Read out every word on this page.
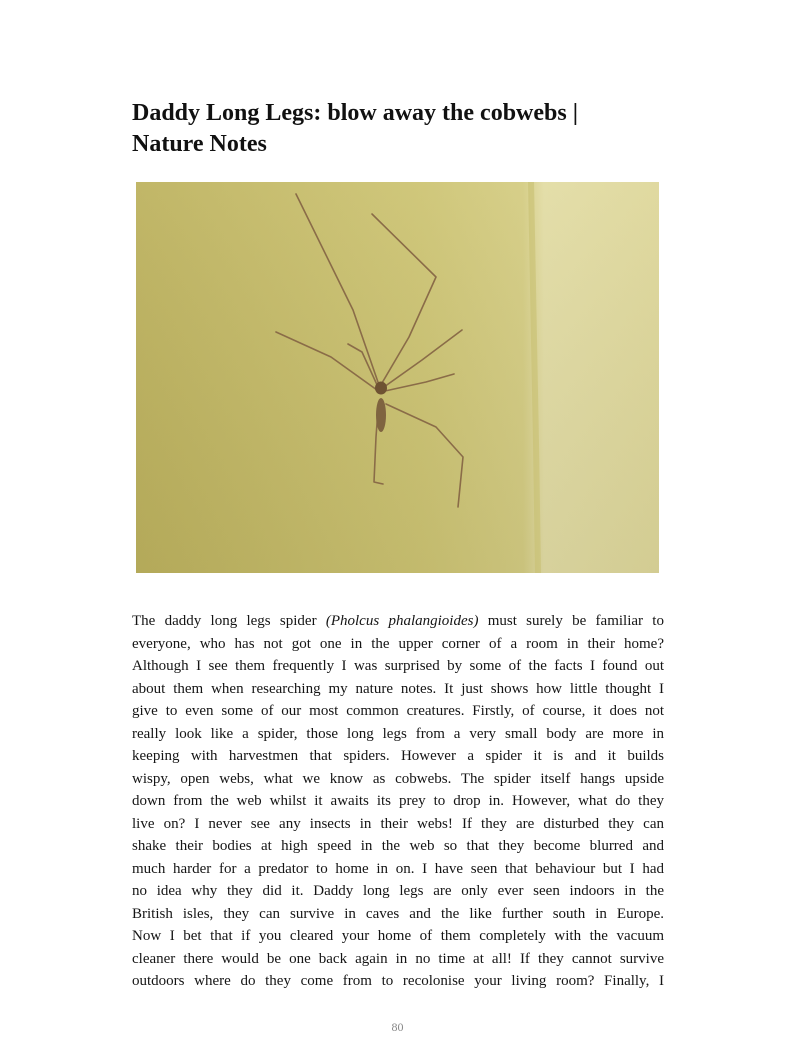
Daddy Long Legs: blow away the cobwebs |
Nature Notes
The daddy long legs spider (Pholcus phalangioides) must surely be familiar to
everyone, who has not got one in the upper corner of a room in their home?
Although I see them frequently I was surprised by some of the facts I found out
about them when researching my nature notes. It just shows how little thought I
give to even some of our most common creatures. Firstly, of course, it does not
really look like a spider, those long legs from a very small body are more in
keeping with harvestmen that spiders. However a spider it is and it builds
wispy, open webs, what we know as cobwebs. The spider itself hangs upside
down from the web whilst it awaits its prey to drop in. However, what do they
live on? I never see any insects in their webs! If they are disturbed they can
shake their bodies at high speed in the web so that they become blurred and
much harder for a predator to home in on. I have seen that behaviour but I had
no idea why they did it. Daddy long legs are only ever seen indoors in the
British isles, they can survive in caves and the like further south in Europe.
Now I bet that if you cleared your home of them completely with the vacuum
cleaner there would be one back again in no time at all! If they cannot survive
outdoors where do they come from to recolonise your living room? Finally, I
80
